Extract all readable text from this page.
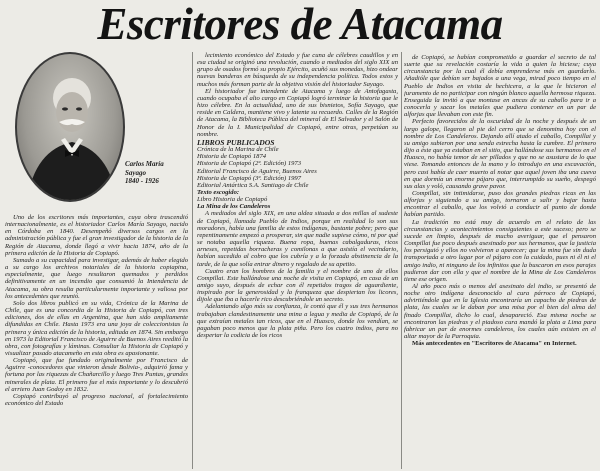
Escritores de Atacama
Carlos María
Sayago
1840 - 1926

Uno de los escritores más importantes, cuya obra trascendió internacionalmente, es el historiador Carlos María Sayago, nacido en Córdoba en 1840. Desempeñó diversos cargos en la administración pública y fue el gran investigador de la historia de la Región de Atacama, donde llegó a vivir hacia 1874, año de la primera edición de la Historia de Copiapó.

Sumado a su capacidad para investigar, además de haber elegido a su cargo los archivos notariales de la historia copiapina, especialmente, que luego resultaron quemados y perdidos definitivamente en un incendio que consumió la Intendencia de Atacama, su obra resulta particularmente importante y valiosa por los antecedentes que reunió.

Solo dos libros publicó en su vida, Crónica de la Marina de Chile, que es una concordia de la Historia de Copiapó, con tres ediciones, dos de ellas en Argentina, que han sido ampliamente difundidas en Chile. Hasta 1973 era una joya de coleccionistas la primera y única edición de la historia, editada en 1874. Sin embargo en 1973 la Editorial Francisco de Aguirre de Buenos Aires reeditó la obra, con fotografías y láminas. Consultar la Historia de Copiapó y visualizar pasado atacameño en esta obra es apasionante.

Copiapó, que fue fundado originalmente por Francisco de Aguirre -conocedores que vinieron desde Bolivia-, adquirió fama y fortuna por las riquezas de Chañarcillo y luego Tres Puntas, grandes minerales de plata. El primero fue el más importante y lo descubrió el arriero Juan Godoy en 1832.

Copiapó contribuyó al progreso nacional, al fortalecimiento económico del Estado

lecimiento económico del Estado y fue cuna de célebres caudillos y en esa ciudad se originó una revolución, cuando a mediados del siglo XIX un grupo de osados formó su propio Ejército, acuñó sus monedas, hizo ondear nuevas banderas en búsqueda de su independencia política. Todos estos y muchos más forman parte de la objetiva visión del historiador Sayago.

El historiador fue intendente de Atacama y luego de Antofagasta, cuando ocupaba el alto cargo en Copiapó logró terminar la historia que le hizo célebre. En la actualidad, uno de sus bisnietos, Sofía Sayago, que reside en Caldera, mantiene vivo y latente su recuerdo. Calles de la Región de Atacama, la Biblioteca Pública del mineral de El Salvador y el Salón de Honor de la I. Municipalidad de Copiapó, entre otras, perpetúan su nombre.

LIBROS PUBLICADOS

Crónica de la Marina de Chile
Historia de Copiapó 1874
Historia de Copiapó (2ª. Edición) 1973
Editorial Francisco de Aguirre, Buenos Aires
Historia de Copiapó (3ª. Edición) 1997
Editorial Antártica S.A. Santiago de Chile

Texto escogido:

Libro Historia de Copiapó

La Mina de los Candeleros

A mediados del siglo XIX, en una aldea situada a dos millas al sudeste de Copiapó, llamada Pueblo de Indios, porque en realidad lo son sus moradores, había una familia de estos indígenas, bastante pobre; pero que repentinamente empezó a prosperar, sin que nadie supiese cómo, ni por qué se notaba aquella riqueza. Buena ropa, buenas cabalgaduras, ricos arneses, repetidas borracheras y comilonas a que asistía el vecindario, habían sucedido al cobro que los cubría y a la forzada abstinencia de la tarde, de la que solía entrar dinero y regalado de su apetito.

Cuatro eran los hombres de la familia y el nombre de uno de ellos Compillai. Este hallándose una noche de visita en Copiapó, en casa de un amigo suyo, después de echar con él repetidos tragos de aguardiente, inspirado por la generosidad y la franqueza que despiertan los licores, dijole que iba a hacerle rico descubriéndole un secreto.

Adelantando algo más su confianza, le contó que él y sus tres hermanos trabajaban clandestinamente una mina a legua y media de Copiapó, de la que extraían metales tan ricos, que en el Huasco, donde los vendían, se pagaban poco menos que la plata piña. Pero los cuatro indios, para no despertar la codicia de los ricos

de Copiapó, se habían comprometido a guardar el secreto de tal suerte que su revelación costaría la vida a quien la hiciese; cuya circunstancia por la cual él debía emprenderse más en guardarlo. Añadióle que debían ser bajados a una vega, mirad poco tiempo en el Pueblo de Indios en visita de hechicera, a la que le hicieron el juramento de no participar con ningún blanco aquella hermosa riqueza. Enseguida la invitó a que montase en ancas de su caballo para ir a conocerla y sacar los metales que pudiera contener en un par de alforjas que llevaban con este fin.

Perfecto favorecidos de la oscuridad de la noche y después de un largo galope, llegaron al pie del cerro que se denomina hoy con el nombre de Los Candeleros. Dejando allí atado el caballo, Compillai y su amigo subieron por una senda estrecha hasta la cumbre. El primero dijo a éste que ya estaban en el sitio, que hallándose sus hermanos en el Huasco, no había temor de ser pillados y que no se asustara de lo que viese. Tomando entonces de la mano y lo introdujo en una excavación, pero casi había de caer muerto al notar que aquel joven iba una cueva en que dormía un enorme pájaro que, interrumpido su sueño, despegó sus alas y voló, causando grave pavor.

Compillai, sin intimidarse, puso dos grandes piedras ricas en las alforjas y siguiendo a su amigo, tornaron a salir y bajar hasta encontrar el caballo, que los volvió a conducir al punto de donde habían partido.

La tradición no está muy de acuerdo en el relato de las circunstancias y acontecimientos consiguientes a este suceso; pero se sucede en limpio, después de mucho averiguar, que el pensaron Compillai fue poco después asesinado por sus hermanos, que la justicia los persiguió y ellos no volvieron a aparecer; que la mina fue sin duda transportada a otro lugar por el pájaro con la cuidado, pues ni él ni el amigo indio, ni ninguno de los infinitos que la buscaron en esos parajes pudieron dar con ella y que el nombre de la Mina de Los Candeleros tiene ese origen.

Al año poco más o menos del asesinato del indio, se presentó de noche otro indígena desconocido al cura párroco de Copiapó, advirtiéndole que en la Iglesia encontraría un capacho de piedras de plata, las cuales se le daban por una misa por el bien del alma del finado Compillai, dicho lo cual, desapareció. Esa misma noche se encontraron las piedras y el piadoso cura mandó la plata a Lima para fabricar un par de enormes candeleros, los cuales aún existen en el altar mayor de la Parroquia.

Más antecedentes en "Escritores de Atacama" en Internet.
